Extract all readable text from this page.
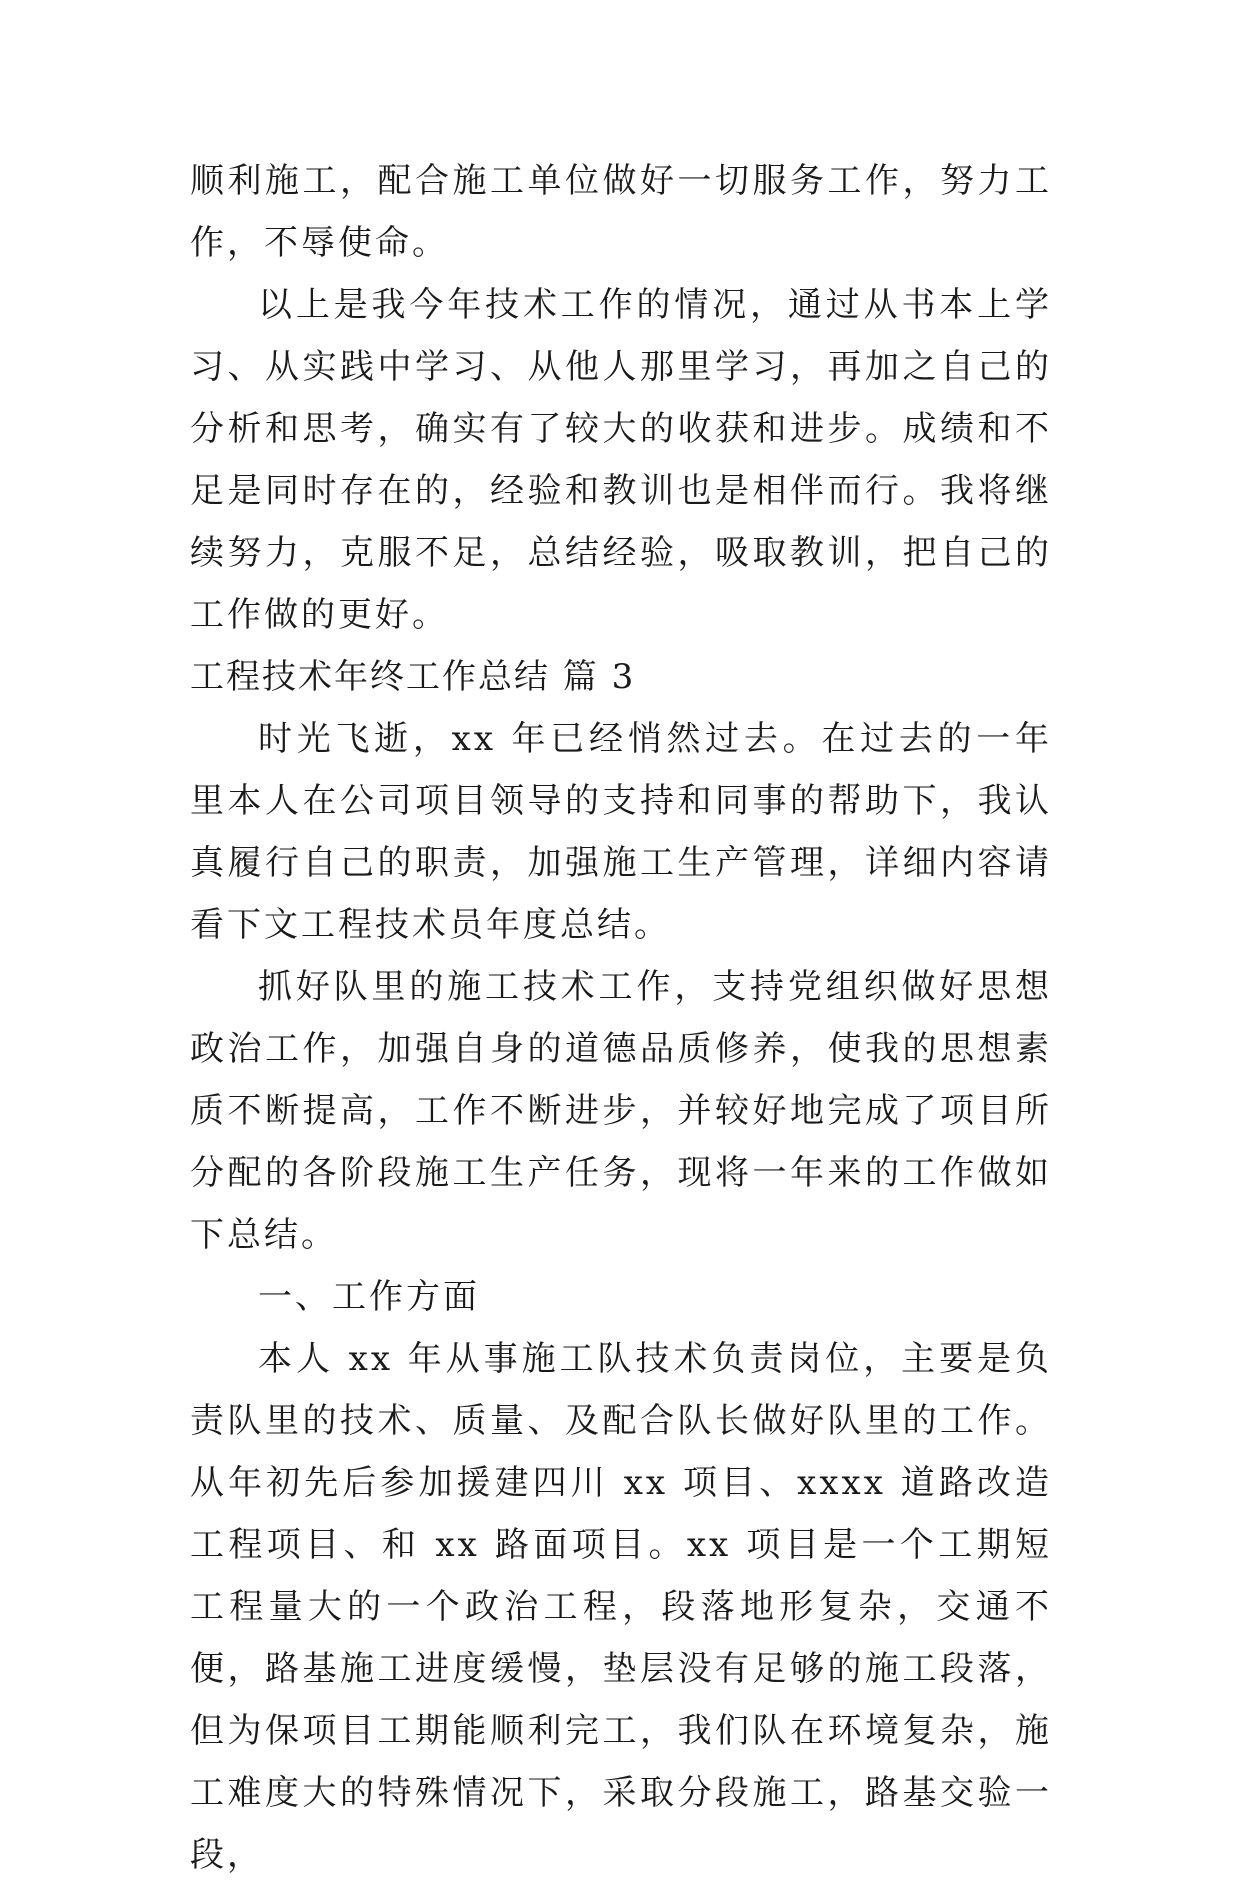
顺利施工，配合施工单位做好一切服务工作，努力工作，不辱使命。

以上是我今年技术工作的情况，通过从书本上学习、从实践中学习、从他人那里学习，再加之自己的分析和思考，确实有了较大的收获和进步。成绩和不足是同时存在的，经验和教训也是相伴而行。我将继续努力，克服不足，总结经验，吸取教训，把自己的工作做的更好。

工程技术年终工作总结 篇 3

时光飞逝，xx 年已经悄然过去。在过去的一年里本人在公司项目领导的支持和同事的帮助下，我认真履行自己的职责，加强施工生产管理，详细内容请看下文工程技术员年度总结。

抓好队里的施工技术工作，支持党组织做好思想政治工作，加强自身的道德品质修养，使我的思想素质不断提高，工作不断进步，并较好地完成了项目所分配的各阶段施工生产任务，现将一年来的工作做如下总结。

一、工作方面

本人 xx 年从事施工队技术负责岗位，主要是负责队里的技术、质量、及配合队长做好队里的工作。从年初先后参加援建四川 xx 项目、xxxx 道路改造工程项目、和 xx 路面项目。xx 项目是一个工期短工程量大的一个政治工程，段落地形复杂，交通不便，路基施工进度缓慢，垫层没有足够的施工段落，但为保项目工期能顺利完工，我们队在环境复杂，施工难度大的特殊情况下，采取分段施工，路基交验一段，
